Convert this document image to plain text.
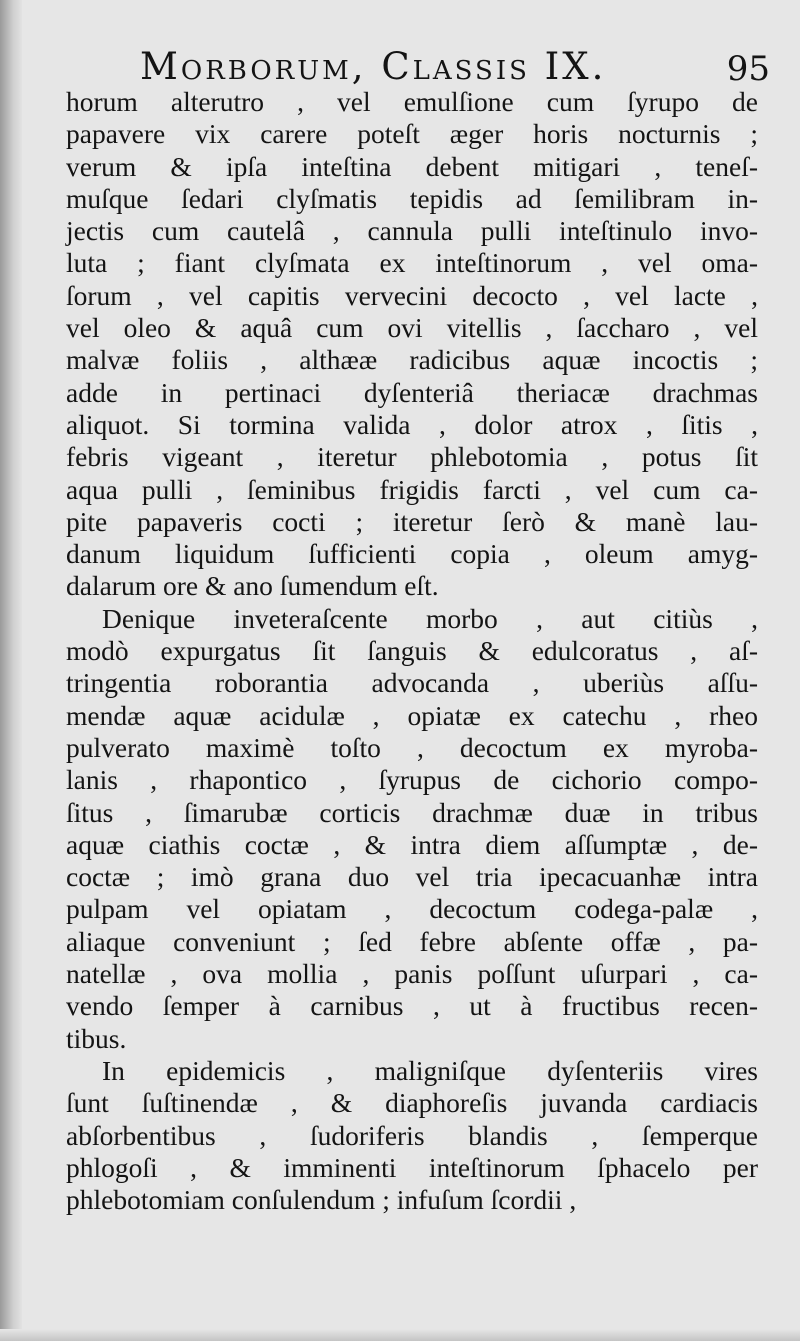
Morborum, Classis IX.	95
horum alterutro , vel emulſione cum ſyrupo de
papavere vix carere poteſt æger horis nocturnis ;
verum & ipſa inteſtina debent mitigari , teneſ-
muſque ſedari clyſmatis tepidis ad ſemilibram in-
jectis cum cautelâ , cannula pulli inteſtinulo invo-
luta ; fiant clyſmata ex inteſtinorum , vel oma-
ſorum , vel capitis vervecini decocto , vel lacte ,
vel oleo & aquâ cum ovi vitellis , ſaccharo , vel
malvæ foliis , althææ radicibus aquæ incoctis ;
adde in pertinaci dyſenteriâ theriacæ drachmas
aliquot. Si tormina valida , dolor atrox , ſitis ,
febris vigeant , iteretur phlebotomia , potus ſit
aqua pulli , ſeminibus frigidis farcti , vel cum ca-
pite papaveris cocti ; iteretur ſerò & manè lau-
danum liquidum ſufficienti copia , oleum amyg-
dalarum ore & ano ſumendum eſt.
Denique inveteraſcente morbo , aut citiùs ,
modò expurgatus ſit ſanguis & edulcoratus , aſ-
tringentia roborantia advocanda , uberiùs aſſu-
mendæ aquæ acidulæ , opiatæ ex catechu , rheo
pulverato maximè toſto , decoctum ex myroba-
lanis , rhapontico , ſyrupus de cichorio compo-
ſitus , ſimarubæ corticis drachmæ duæ in tribus
aquæ ciathis coctæ , & intra diem aſſumptæ , de-
coctæ ; imò grana duo vel tria ipecacuanhæ intra
pulpam vel opiatam , decoctum codega-palæ ,
aliaque conveniunt ; ſed febre abſente offæ , pa-
natellæ , ova mollia , panis poſſunt uſurpari , ca-
vendo ſemper à carnibus , ut à fructibus recen-
tibus.
In epidemicis , maligniſque dyſenteriis vires
ſunt ſuſtinendæ , & diaphoreſis juvanda cardiacis
abſorbentibus , ſudoriferis blandis , ſemperque
phlogoſi , & imminenti inteſtinorum ſphacelo per
phlebotomiam conſulendum ; infuſum ſcordii ,
